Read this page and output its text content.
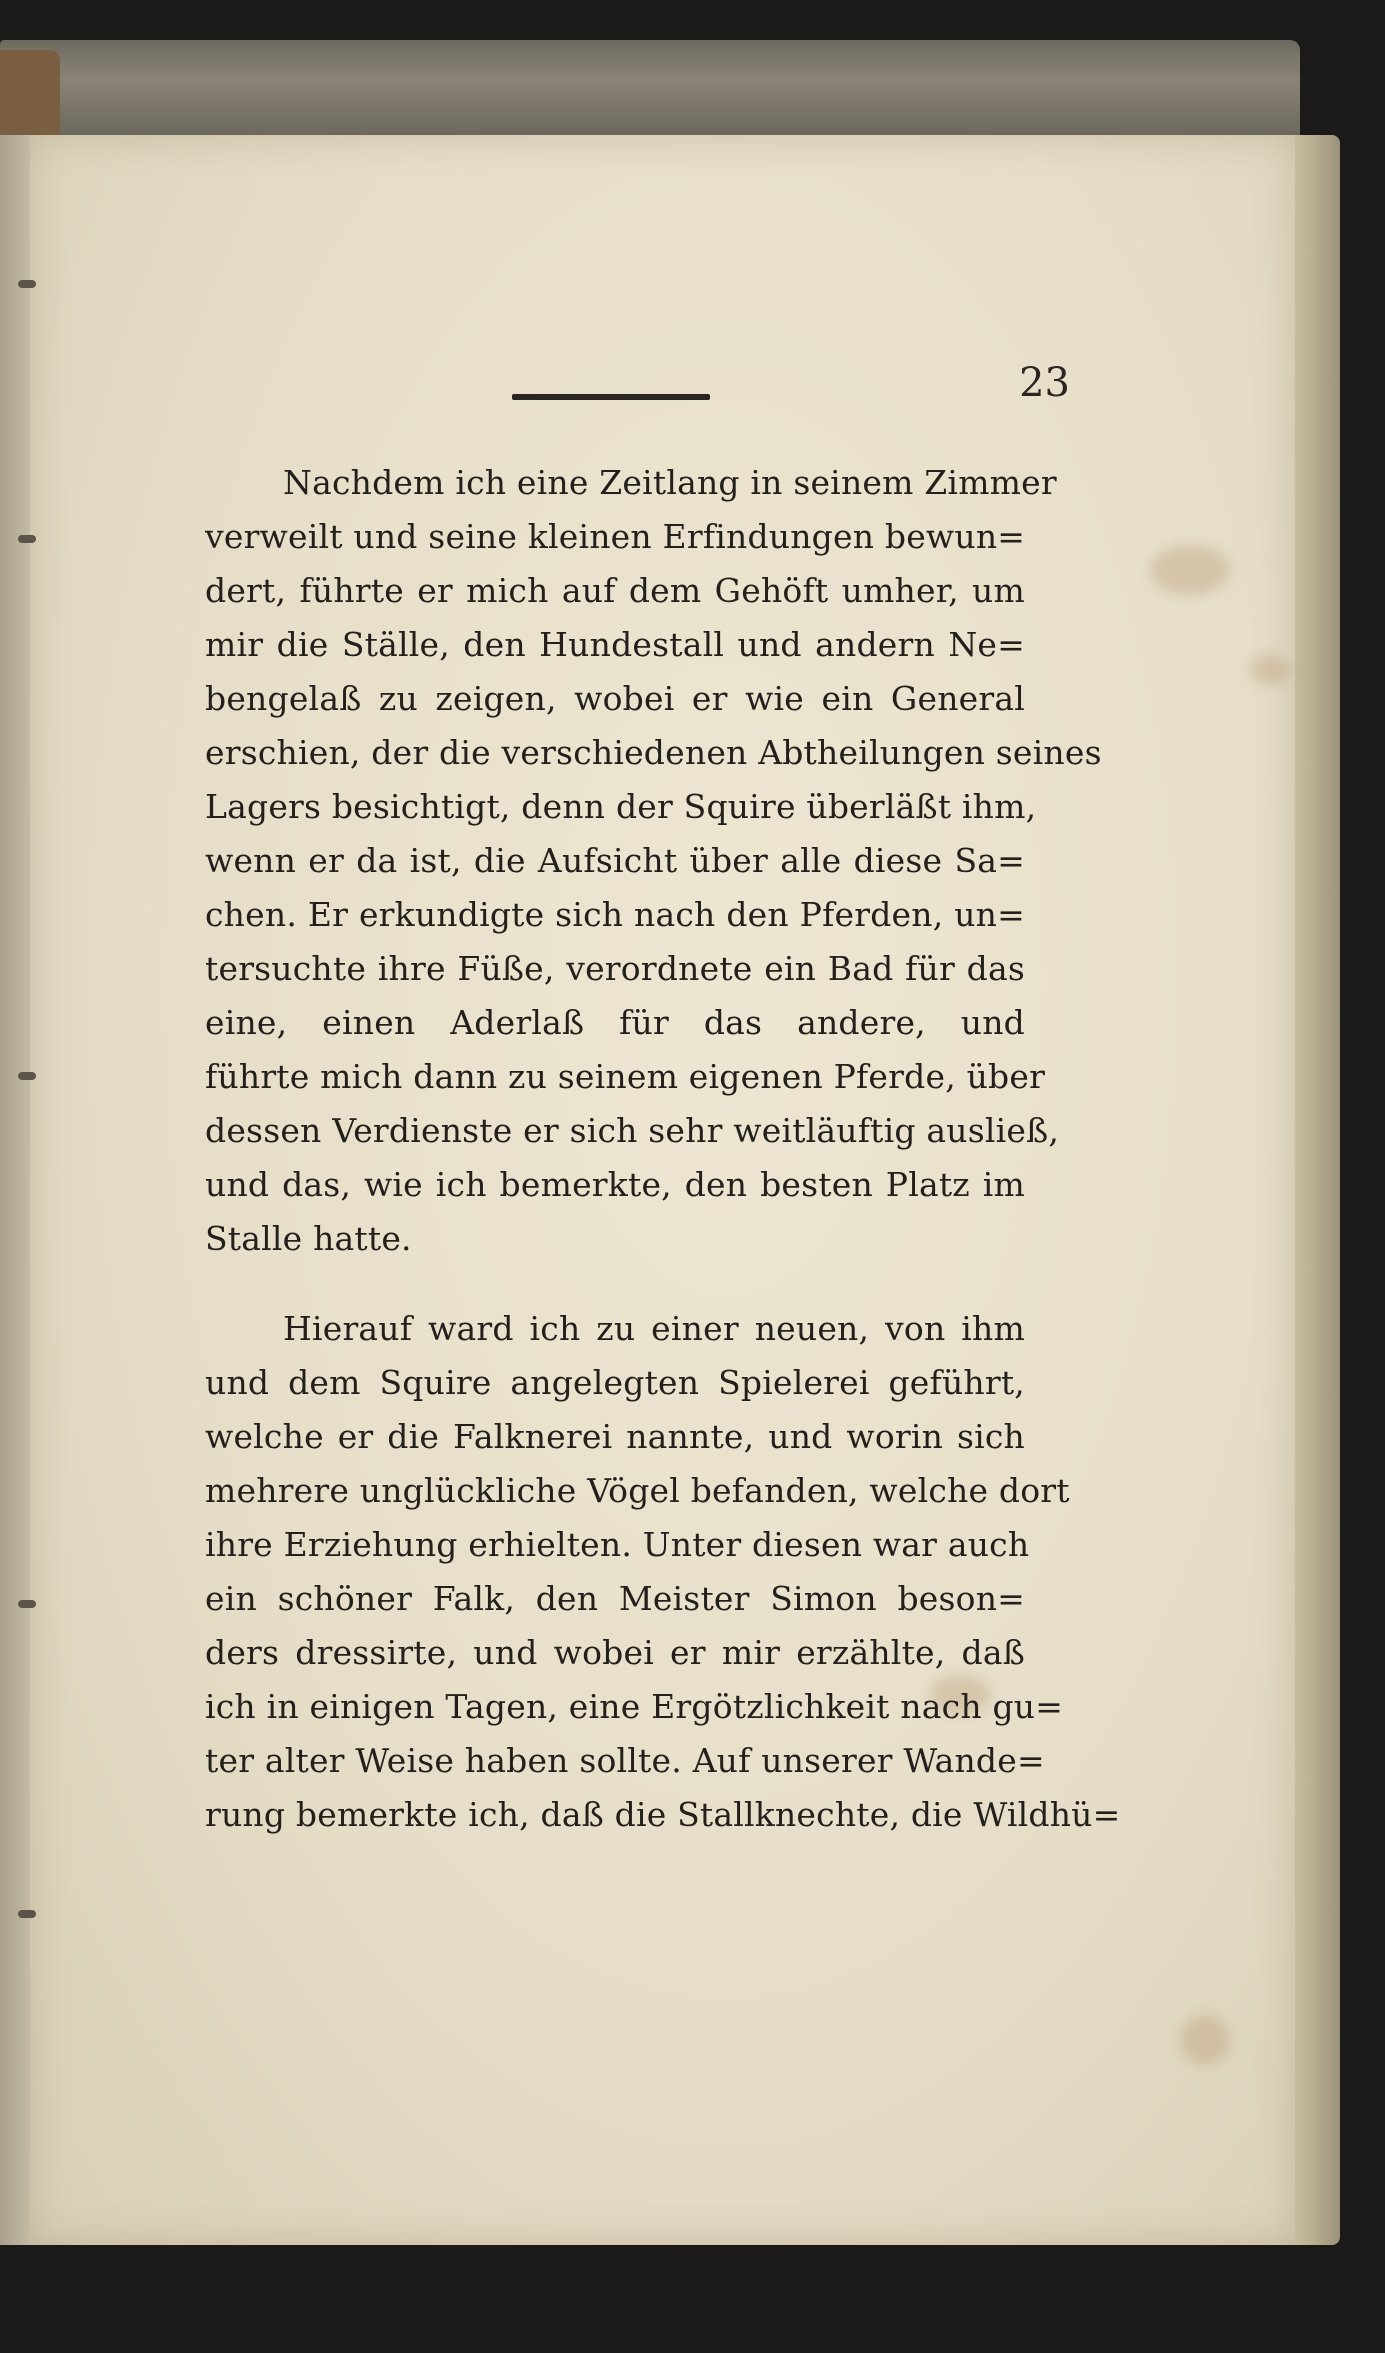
23
Nachdem ich eine Zeitlang in seinem Zimmer
verweilt und seine kleinen Erfindungen bewun=
dert, führte er mich auf dem Gehöft umher, um
mir die Ställe, den Hundestall und andern Ne=
bengelaß zu zeigen, wobei er wie ein General
erschien, der die verschiedenen Abtheilungen seines
Lagers besichtigt, denn der Squire überläßt ihm,
wenn er da ist, die Aufsicht über alle diese Sa=
chen. Er erkundigte sich nach den Pferden, un=
tersuchte ihre Füße, verordnete ein Bad für das
eine, einen Aderlaß für das andere, und
führte mich dann zu seinem eigenen Pferde, über
dessen Verdienste er sich sehr weitläuftig ausließ,
und das, wie ich bemerkte, den besten Platz im
Stalle hatte.
Hierauf ward ich zu einer neuen, von ihm
und dem Squire angelegten Spielerei geführt,
welche er die Falknerei nannte, und worin sich
mehrere unglückliche Vögel befanden, welche dort
ihre Erziehung erhielten. Unter diesen war auch
ein schöner Falk, den Meister Simon beson=
ders dressirte, und wobei er mir erzählte, daß
ich in einigen Tagen, eine Ergötzlichkeit nach gu=
ter alter Weise haben sollte. Auf unserer Wande=
rung bemerkte ich, daß die Stallknechte, die Wildhü=
